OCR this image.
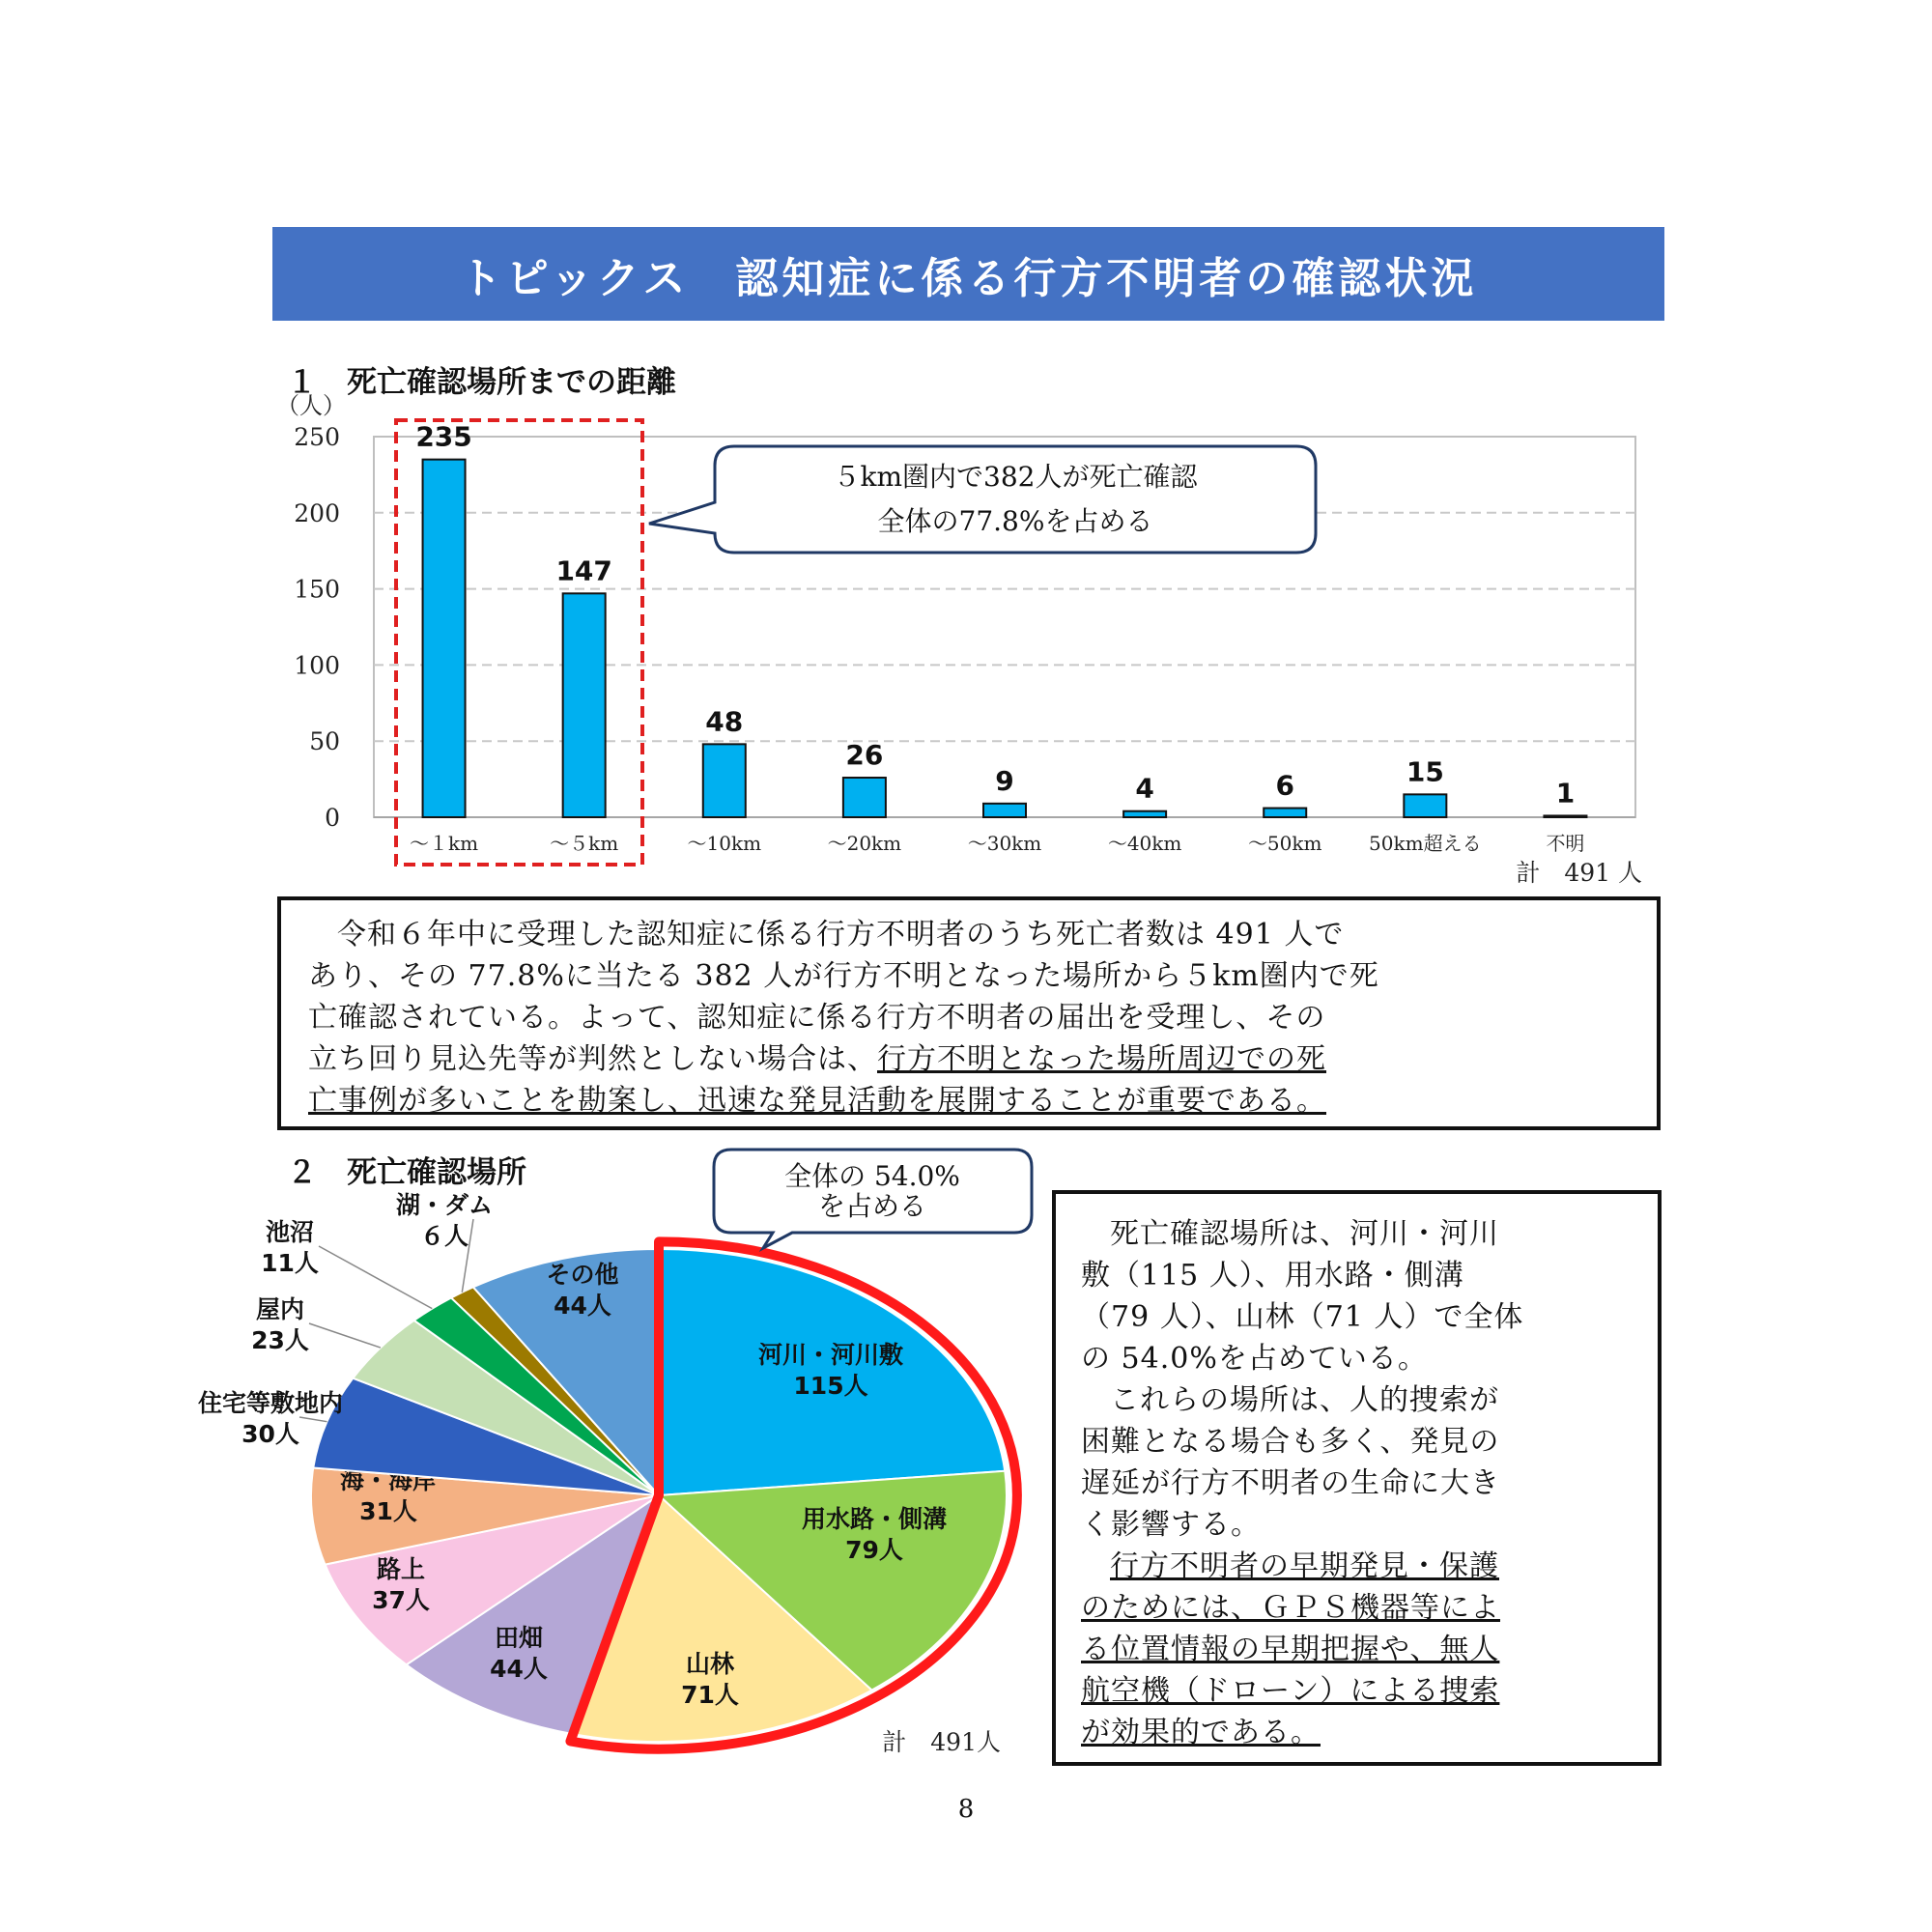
トピックス　認知症に係る行方不明者の確認状況
１　死亡確認場所までの距離
0
50
100
150
200
250
（人）
235
～１km
147
～５km
48
～10km
26
～20km
9
～30km
4
～40km
6
～50km
15
50km超える
1
不明
計　491 人
５km圏内で382人が死亡確認
全体の77.8%を占める
令和６年中に受理した認知症に係る行方不明者のうち死亡者数は 491 人で
あり、その 77.8%に当たる 382 人が行方不明となった場所から５km圏内で死
亡確認されている。よって、認知症に係る行方不明者の届出を受理し、その
立ち回り見込先等が判然としない場合は、行方不明となった場所周辺での死
亡事例が多いことを勘案し、迅速な発見活動を展開することが重要である。
２　死亡確認場所
河川・河川敷
115人
用水路・側溝
79人
山林
71人
田畑
44人
路上
37人
海・海岸
31人
住宅等敷地内
30人
屋内
23人
池沼
11人
湖・ダム
６人
その他
44人
全体の 54.0%
を占める
計　491人
死亡確認場所は、河川・河川
敷（115 人）、用水路・側溝
（79 人）、山林（71 人）で全体
の 54.0%を占めている。
これらの場所は、人的捜索が
困難となる場合も多く、発見の
遅延が行方不明者の生命に大き
く影響する。
行方不明者の早期発見・保護
のためには、ＧＰＳ機器等によ
る位置情報の早期把握や、無人
航空機（ドローン）による捜索
が効果的である。
8
